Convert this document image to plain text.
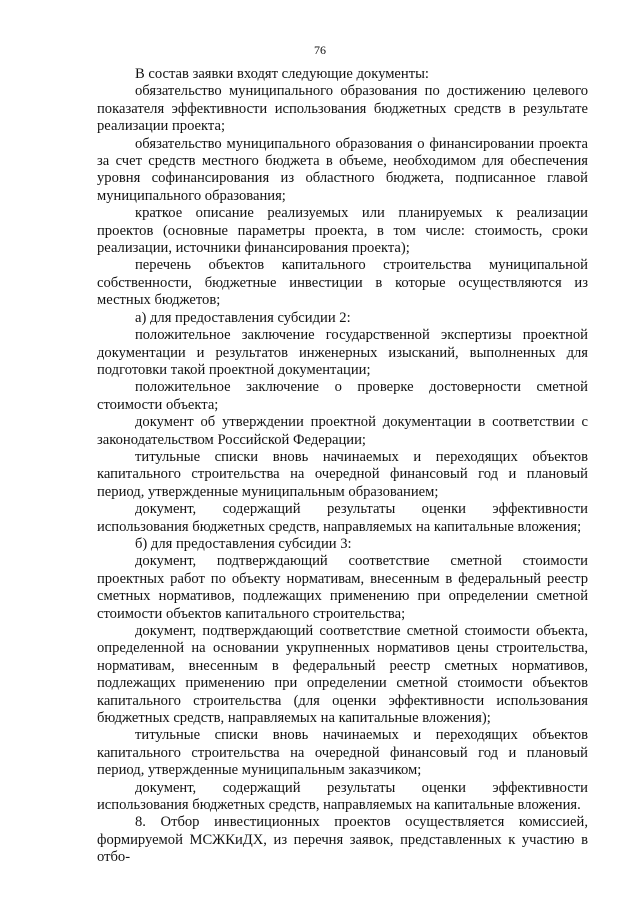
76

В состав заявки входят следующие документы:

обязательство муниципального образования по достижению целевого показателя эффективности использования бюджетных средств в результате реализации проекта;

обязательство муниципального образования о финансировании проекта за счет средств местного бюджета в объеме, необходимом для обеспечения уровня софинансирования из областного бюджета, подписанное главой муниципального образования;

краткое описание реализуемых или планируемых к реализации проектов (основные параметры проекта, в том числе: стоимость, сроки реализации, источники финансирования проекта);

перечень объектов капитального строительства муниципальной собственности, бюджетные инвестиции в которые осуществляются из местных бюджетов;

а) для предоставления субсидии 2:

положительное заключение государственной экспертизы проектной документации и результатов инженерных изысканий, выполненных для подготовки такой проектной документации;

положительное заключение о проверке достоверности сметной стоимости объекта;

документ об утверждении проектной документации в соответствии с законодательством Российской Федерации;

титульные списки вновь начинаемых и переходящих объектов капитального строительства на очередной финансовый год и плановый период, утвержденные муниципальным образованием;

документ, содержащий результаты оценки эффективности использования бюджетных средств, направляемых на капитальные вложения;

б) для предоставления субсидии 3:

документ, подтверждающий соответствие сметной стоимости проектных работ по объекту нормативам, внесенным в федеральный реестр сметных нормативов, подлежащих применению при определении сметной стоимости объектов капитального строительства;

документ, подтверждающий соответствие сметной стоимости объекта, определенной на основании укрупненных нормативов цены строительства, нормативам, внесенным в федеральный реестр сметных нормативов, подлежащих применению при определении сметной стоимости объектов капитального строительства (для оценки эффективности использования бюджетных средств, направляемых на капитальные вложения);

титульные списки вновь начинаемых и переходящих объектов капитального строительства на очередной финансовый год и плановый период, утвержденные муниципальным заказчиком;

документ, содержащий результаты оценки эффективности использования бюджетных средств, направляемых на капитальные вложения.

8. Отбор инвестиционных проектов осуществляется комиссией, формируемой МСЖКиДХ, из перечня заявок, представленных к участию в отбо-
